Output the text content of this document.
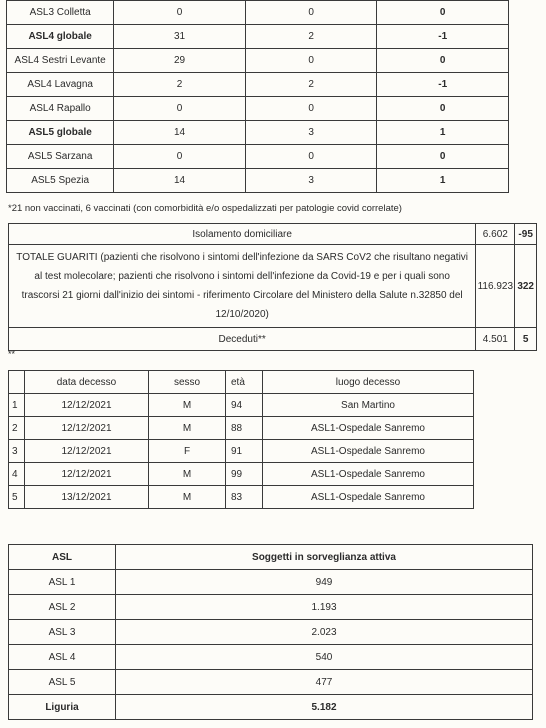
ASL3 Colletta	0	0	0
ASL4 globale	31	2	-1
ASL4 Sestri Levante	29	0	0
ASL4 Lavagna	2	2	-1
ASL4 Rapallo	0	0	0
ASL5 globale	14	3	1
ASL5 Sarzana	0	0	0
ASL5 Spezia	14	3	1
*21 non vaccinati, 6 vaccinati (con comorbidità e/o ospedalizzati per patologie covid correlate)
Isolamento domiciliare	6.602	-95
TOTALE GUARITI (pazienti che risolvono i sintomi dell'infezione da SARS CoV2 che risultano negativi al test molecolare; pazienti che risolvono i sintomi dell'infezione da Covid-19 e per i quali sono trascorsi 21 giorni dall'inizio dei sintomi - riferimento Circolare del Ministero della Salute n.32850 del 12/10/2020)	116.923	322
Deceduti**	4.501	5
**
	data decesso	sesso	età	luogo decesso
1	12/12/2021	M	94	San Martino
2	12/12/2021	M	88	ASL1-Ospedale Sanremo
3	12/12/2021	F	91	ASL1-Ospedale Sanremo
4	12/12/2021	M	99	ASL1-Ospedale Sanremo
5	13/12/2021	M	83	ASL1-Ospedale Sanremo
ASL	Soggetti in sorveglianza attiva
ASL 1	949
ASL 2	1.193
ASL 3	2.023
ASL 4	540
ASL 5	477
Liguria	5.182
